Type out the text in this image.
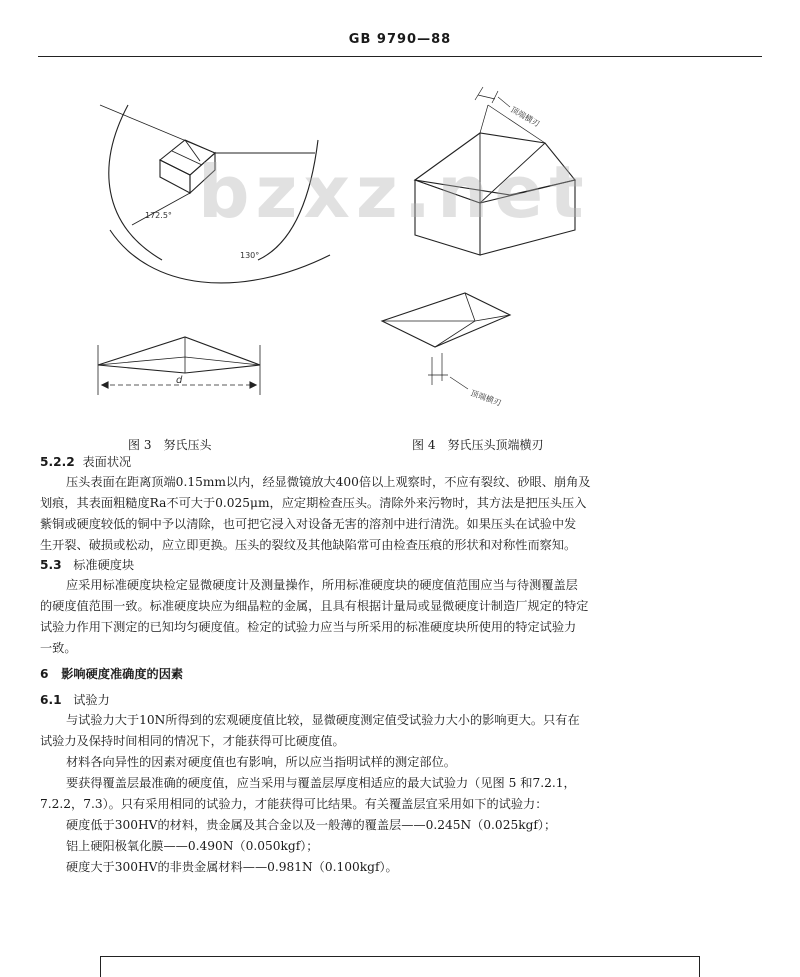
GB 9790—88
172.5°
130°
d
顶端横刃
顶端横刃
bzxz.net
图 3　努氏压头	图 4　努氏压头顶端横刃
5.2.2 表面状况
压头表面在距离顶端0.15mm以内，经显微镜放大400倍以上观察时，不应有裂纹、砂眼、崩角及
划痕，其表面粗糙度Ra不可大于0.025μm，应定期检查压头。清除外来污物时，其方法是把压头压入
紫铜或硬度较低的铜中予以清除，也可把它浸入对设备无害的溶剂中进行清洗。如果压头在试验中发
生开裂、破损或松动，应立即更换。压头的裂纹及其他缺陷常可由检查压痕的形状和对称性而察知。
5.3 标准硬度块
应采用标准硬度块检定显微硬度计及测量操作，所用标准硬度块的硬度值范围应当与待测覆盖层
的硬度值范围一致。标准硬度块应为细晶粒的金属，且具有根据计量局或显微硬度计制造厂规定的特定
试验力作用下测定的已知均匀硬度值。检定的试验力应当与所采用的标准硬度块所使用的特定试验力
一致。
6 影响硬度准确度的因素
6.1 试验力
与试验力大于10N所得到的宏观硬度值比较，显微硬度测定值受试验力大小的影响更大。只有在
试验力及保持时间相同的情况下，才能获得可比硬度值。
材料各向异性的因素对硬度值也有影响，所以应当指明试样的测定部位。
要获得覆盖层最准确的硬度值，应当采用与覆盖层厚度相适应的最大试验力（见图 5 和7.2.1，
7.2.2，7.3）。只有采用相同的试验力，才能获得可比结果。有关覆盖层宜采用如下的试验力：
硬度低于300HV的材料，贵金属及其合金以及一般薄的覆盖层——0.245N（0.025kgf）；
铝上硬阳极氧化膜——0.490N（0.050kgf）；
硬度大于300HV的非贵金属材料——0.981N（0.100kgf）。
